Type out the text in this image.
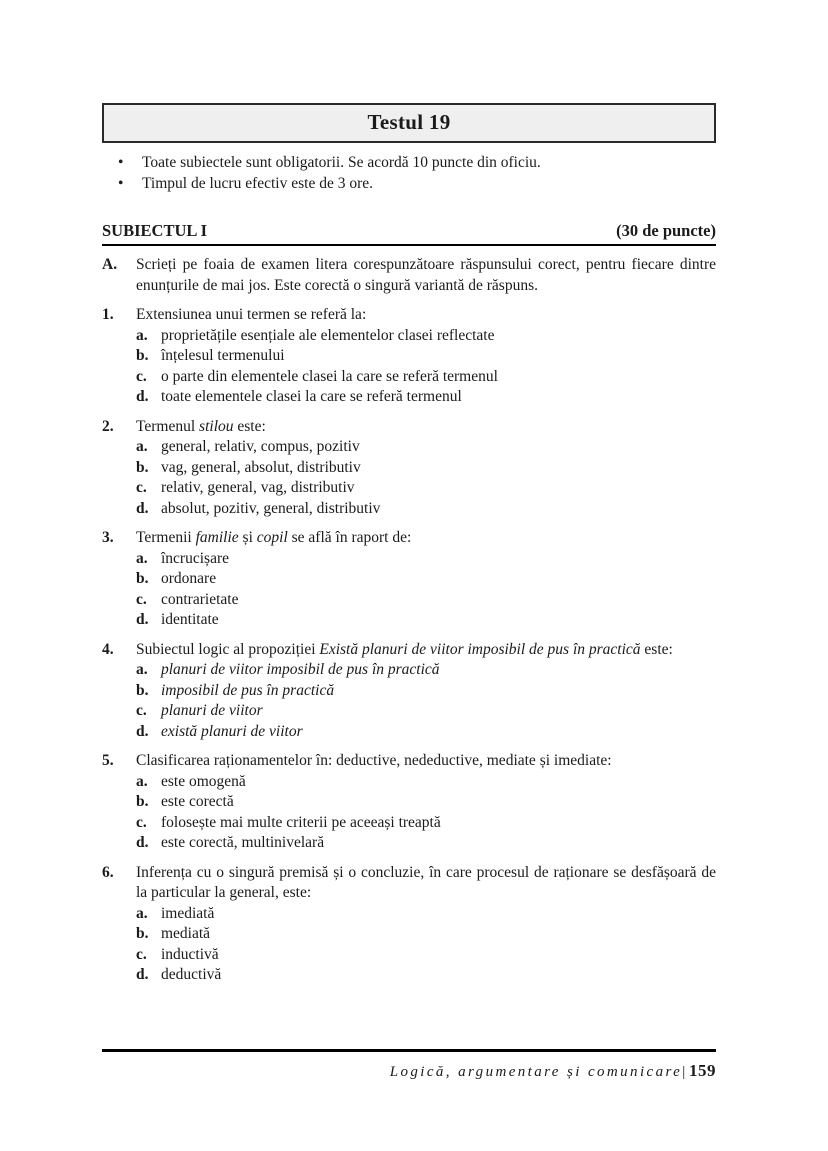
Testul 19
• Toate subiectele sunt obligatorii. Se acordă 10 puncte din oficiu.
• Timpul de lucru efectiv este de 3 ore.
SUBIECTUL I	(30 de puncte)
A.	Scrieți pe foaia de examen litera corespunzătoare răspunsului corect, pentru fiecare dintre enunțurile de mai jos. Este corectă o singură variantă de răspuns.
1.	Extensiunea unui termen se referă la:
a. proprietățile esențiale ale elementelor clasei reflectate
b. înțelesul termenului
c. o parte din elementele clasei la care se referă termenul
d. toate elementele clasei la care se referă termenul
2.	Termenul stilou este:
a. general, relativ, compus, pozitiv
b. vag, general, absolut, distributiv
c. relativ, general, vag, distributiv
d. absolut, pozitiv, general, distributiv
3.	Termenii familie și copil se află în raport de:
a. încrucișare
b. ordonare
c. contrarietate
d. identitate
4.	Subiectul logic al propoziției Există planuri de viitor imposibil de pus în practică este:
a. planuri de viitor imposibil de pus în practică
b. imposibil de pus în practică
c. planuri de viitor
d. există planuri de viitor
5.	Clasificarea raționamentelor în: deductive, nedeductive, mediate și imediate:
a. este omogenă
b. este corectă
c. folosește mai multe criterii pe aceeași treaptă
d. este corectă, multinivelară
6.	Inferența cu o singură premisă și o concluzie, în care procesul de raționare se desfășoară de la particular la general, este:
a. imediată
b. mediată
c. inductivă
d. deductivă
Logică, argumentare și comunicare| 159
